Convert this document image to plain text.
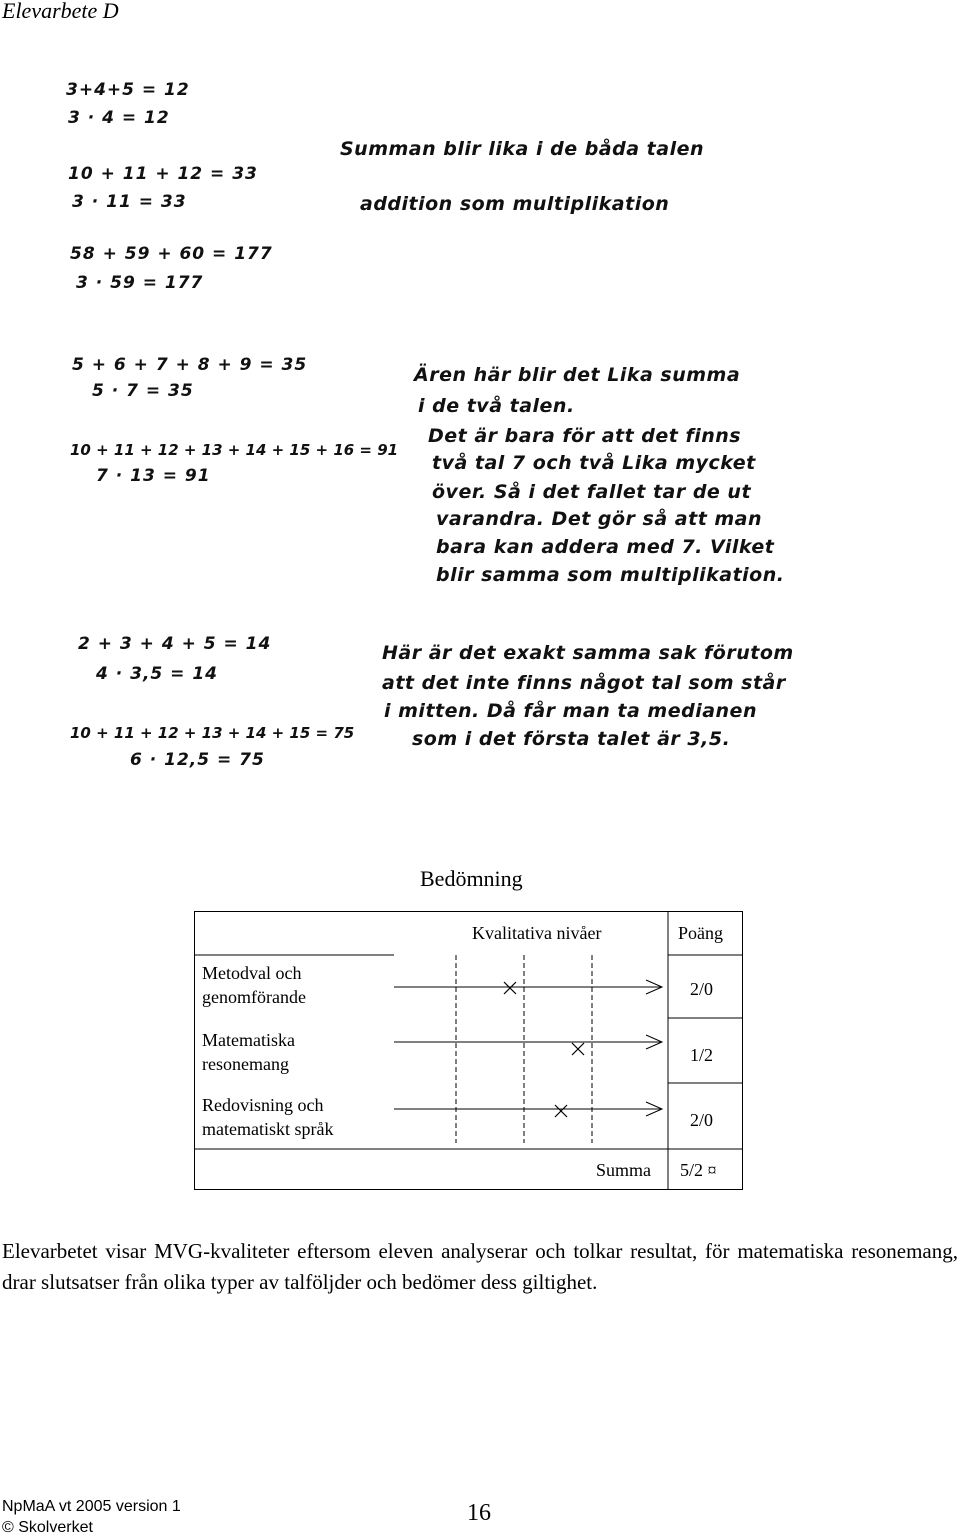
Elevarbete D
3+4+5 = 12
3 · 4 = 12
10 + 11 + 12 = 33
3 · 11 = 33
58 + 59 + 60 = 177
3 · 59 = 177
Summan blir lika i de båda talen
addition som multiplikation
5 + 6 + 7 + 8 + 9 = 35
5 · 7 = 35
10 + 11 + 12 + 13 + 14 + 15 + 16 = 91
7 · 13 = 91
Ären här blir det Lika summa
i de två talen.
Det är bara för att det finns
två tal 7 och två Lika mycket
över. Så i det fallet tar de ut
varandra. Det gör så att man
bara kan addera med 7. Vilket
blir samma som multiplikation.
2 + 3 + 4 + 5 = 14
4 · 3,5 = 14
10 + 11 + 12 + 13 + 14 + 15 = 75
6 · 12,5 = 75
Här är det exakt samma sak förutom
att det inte finns något tal som står
i mitten. Då får man ta medianen
som i det första talet är 3,5.
Bedömning
Kvalitativa nivåer	Poäng
Metodval och genomförande
Matematiska resonemang
Redovisning och matematiskt språk
2/0
1/2
2/0
Summa 5/2 ¤
Elevarbetet visar MVG-kvaliteter eftersom eleven analyserar och tolkar resultat, för matematiska resonemang, drar slutsatser från olika typer av talföljder och bedömer dess giltighet.
NpMaA vt 2005 version 1
© Skolverket
16
